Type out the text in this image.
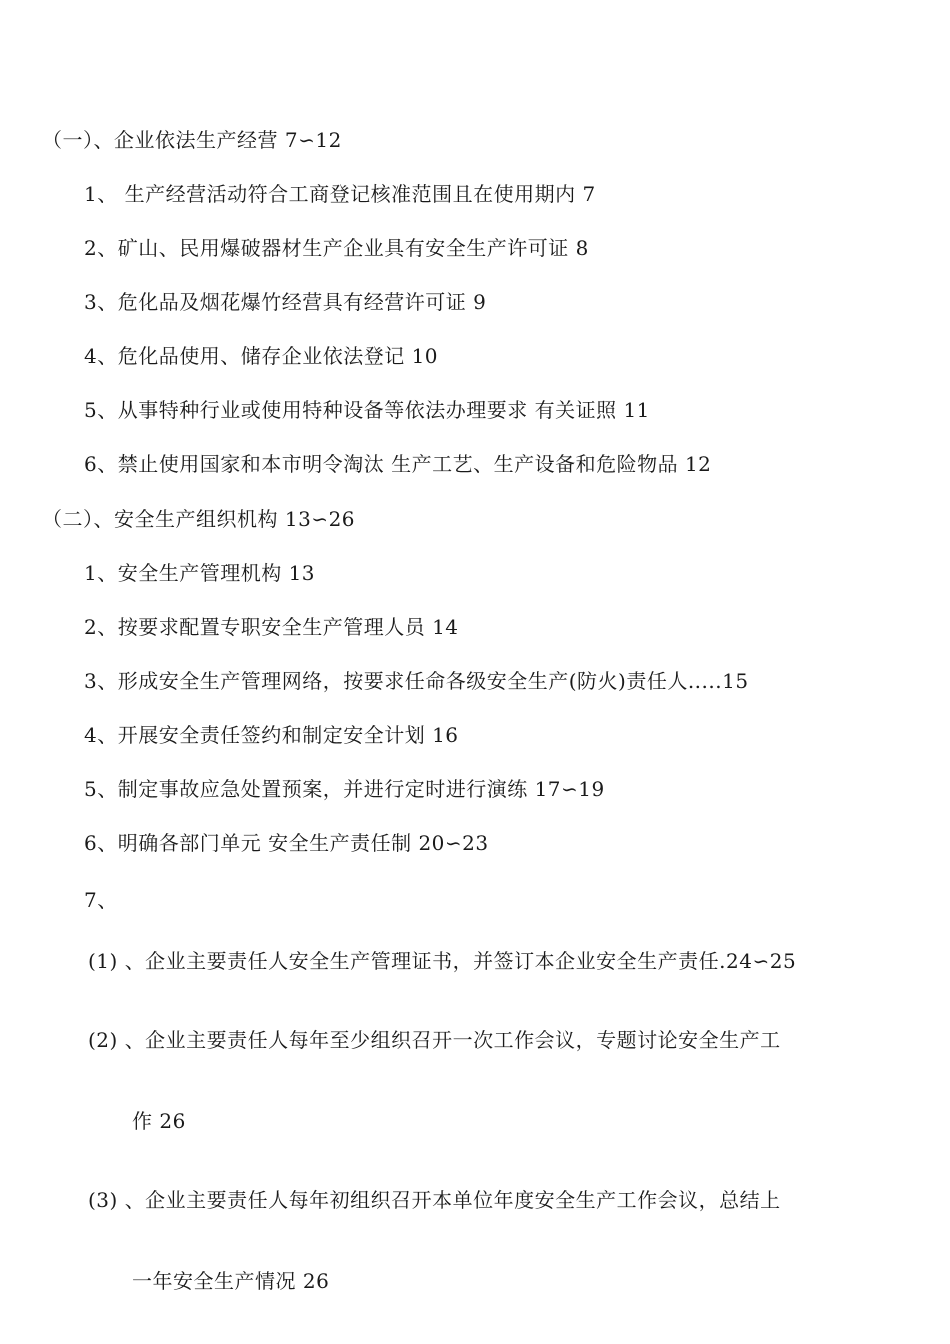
（一）、企业依法生产经营 7∽12
1、 生产经营活动符合工商登记核准范围且在使用期内 7
2、矿山、民用爆破器材生产企业具有安全生产许可证 8
3、危化品及烟花爆竹经营具有经营许可证 9
4、危化品使用、储存企业依法登记 10
5、从事特种行业或使用特种设备等依法办理要求 有关证照 11
6、禁止使用国家和本市明令淘汰 生产工艺、生产设备和危险物品 12
（二）、安全生产组织机构 13∽26
1、安全生产管理机构 13
2、按要求配置专职安全生产管理人员 14
3、形成安全生产管理网络，按要求任命各级安全生产(防火)责任人.....15
4、开展安全责任签约和制定安全计划 16
5、制定事故应急处置预案，并进行定时进行演练 17∽19
6、明确各部门单元 安全生产责任制 20∽23
7、
(1) 、企业主要责任人安全生产管理证书，并签订本企业安全生产责任.24∽25
(2) 、企业主要责任人每年至少组织召开一次工作会议，专题讨论安全生产工
作 26
(3) 、企业主要责任人每年初组织召开本单位年度安全生产工作会议，总结上
一年安全生产情况 26
